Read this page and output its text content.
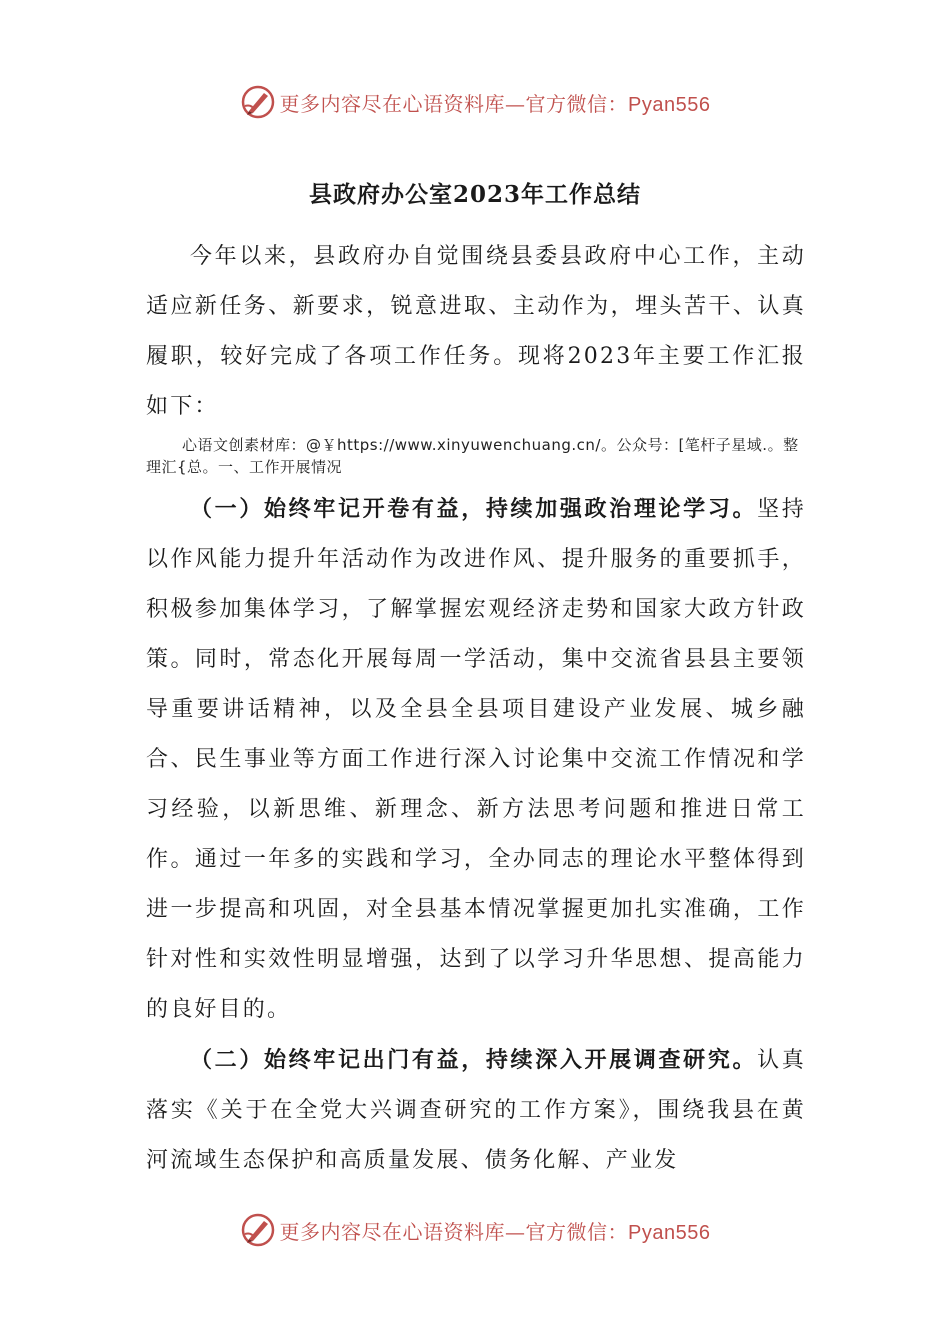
更多内容尽在心语资料库—官方微信：Pyan556
县政府办公室2023年工作总结

今年以来，县政府办自觉围绕县委县政府中心工作，主动适应新任务、新要求，锐意进取、主动作为，埋头苦干、认真履职，较好完成了各项工作任务。现将2023年主要工作汇报如下：

心语文创素材库：@￥https://www.xinyuwenchuang.cn/。公众号：[笔杆子星域.。整理汇{总。一、工作开展情况

（一）始终牢记开卷有益，持续加强政治理论学习。坚持以作风能力提升年活动作为改进作风、提升服务的重要抓手，积极参加集体学习，了解掌握宏观经济走势和国家大政方针政策。同时，常态化开展每周一学活动，集中交流省县县主要领导重要讲话精神，以及全县全县项目建设产业发展、城乡融合、民生事业等方面工作进行深入讨论集中交流工作情况和学习经验，以新思维、新理念、新方法思考问题和推进日常工作。通过一年多的实践和学习，全办同志的理论水平整体得到进一步提高和巩固，对全县基本情况掌握更加扎实准确，工作针对性和实效性明显增强，达到了以学习升华思想、提高能力的良好目的。

（二）始终牢记出门有益，持续深入开展调查研究。认真落实《关于在全党大兴调查研究的工作方案》，围绕我县在黄河流域生态保护和高质量发展、债务化解、产业发

更多内容尽在心语资料库—官方微信：Pyan556
